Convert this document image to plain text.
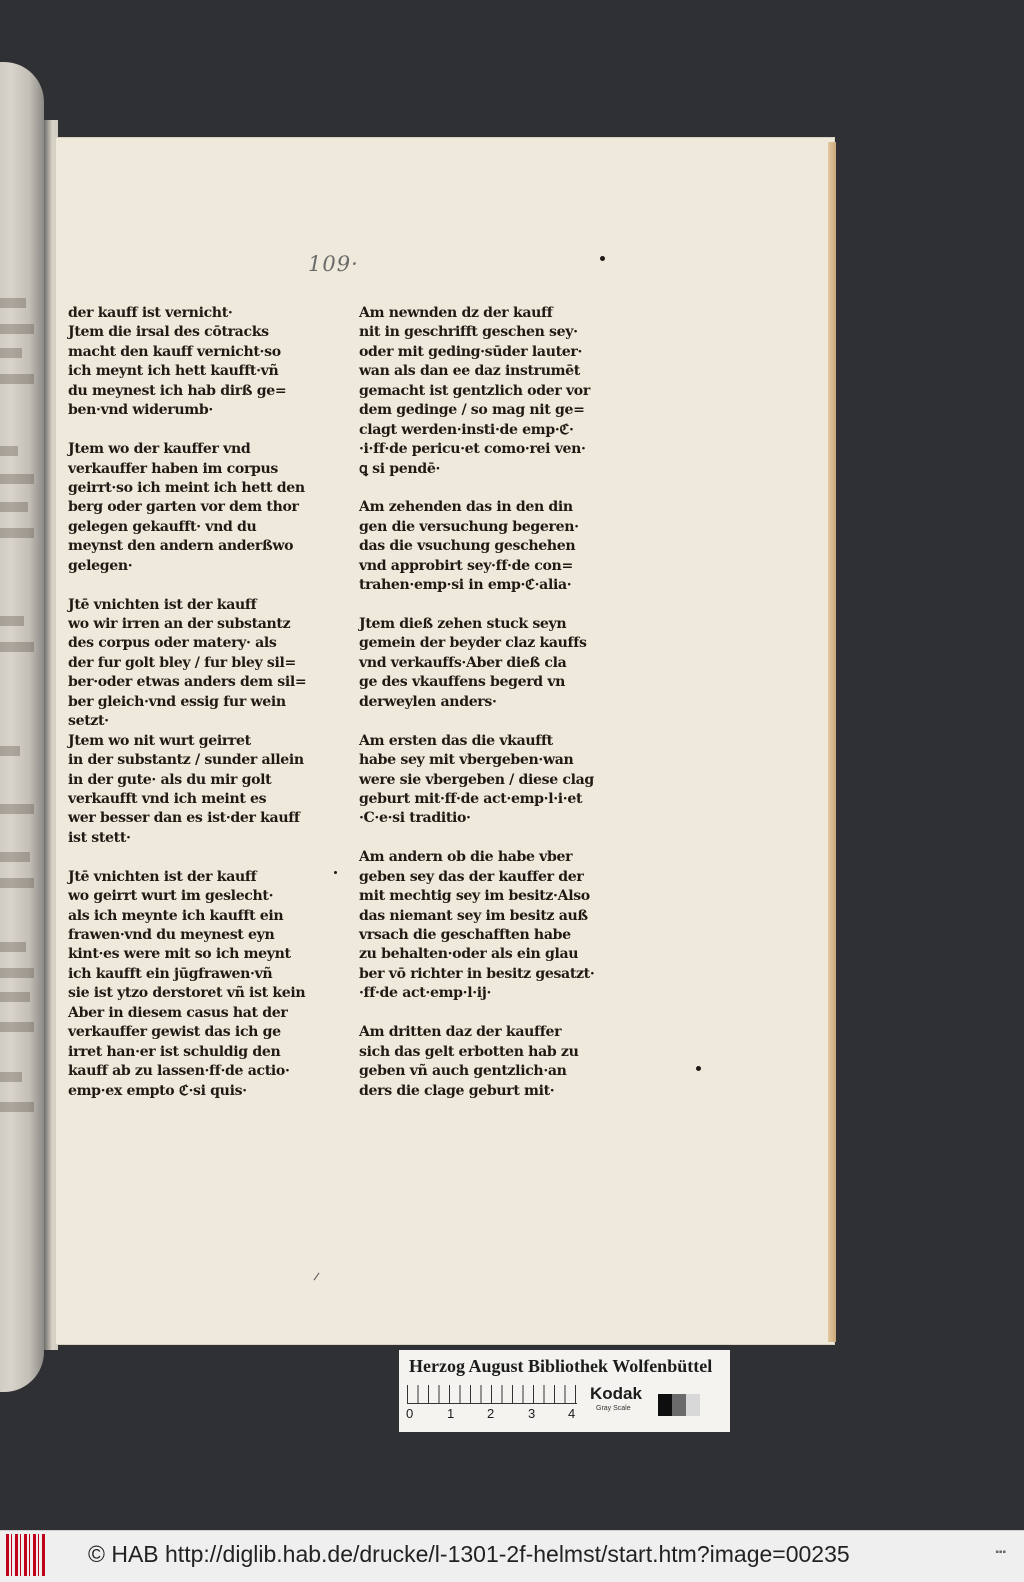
109·
der kauff ist vernicht·
Jtem die irsal des cōtracks
macht den kauff vernicht·so
ich meynt ich hett kaufft·vñ
du meynest ich hab dirß ge=
ben·vnd widerumb·
Jtem wo der kauffer vnd
verkauffer haben im corpus
geirrt·so ich meint ich hett den
berg oder garten vor dem thor
gelegen gekaufft· vnd du
meynst den andern anderßwo
gelegen·
Jtē vnichten ist der kauff
wo wir irren an der substantz
des corpus oder matery· als
der fur golt bley / fur bley sil=
ber·oder etwas anders dem sil=
ber gleich·vnd essig fur wein
setzt·
Jtem wo nit wurt geirret
in der substantz / sunder allein
in der gute· als du mir golt
verkaufft vnd ich meint es
wer besser dan es ist·der kauff
ist stett·
Jtē vnichten ist der kauff
wo geirrt wurt im geslecht·
als ich meynte ich kaufft ein
frawen·vnd du meynest eyn
kint·es were mit so ich meynt
ich kaufft ein jūgfrawen·vñ
sie ist ytzo derstoret vñ ist kein
Aber in diesem casus hat der
verkauffer gewist das ich ge
irret han·er ist schuldig den
kauff ab zu lassen·ff·de actio·
emp·ex empto ℭ·si quis·
Am newnden dz der kauff
nit in geschrifft geschen sey·
oder mit geding·sūder lauter·
wan als dan ee daz instrumēt
gemacht ist gentzlich oder vor
dem gedinge / so mag nit ge=
clagt werden·insti·de emp·ℭ·
·i·ff·de pericu·et como·rei ven·
ꝗ si pendē·
Am zehenden das in den din
gen die versuchung begeren·
das die vsuchung geschehen
vnd approbirt sey·ff·de con=
trahen·emp·si in emp·ℭ·alia·
Jtem dieß zehen stuck seyn
gemein der beyder claz kauffs
vnd verkauffs·Aber dieß cla
ge des vkauffens begerd vn
derweylen anders·
Am ersten das die vkaufft
habe sey mit vbergeben·wan
were sie vbergeben / diese clag
geburt mit·ff·de act·emp·l·i·et
·C·e·si traditio·
Am andern ob die habe vber
geben sey das der kauffer der
mit mechtig sey im besitz·Also
das niemant sey im besitz auß
vrsach die geschafften habe
zu behalten·oder als ein glau
ber vō richter in besitz gesatzt·
·ff·de act·emp·l·ij·
Am dritten daz der kauffer
sich das gelt erbotten hab zu
geben vñ auch gentzlich·an
ders die clage geburt mit·
Herzog August Bibliothek Wolfenbüttel
0	1	2	3	4
Kodak
Gray Scale
© HAB http://diglib.hab.de/drucke/l-1301-2f-helmst/start.htm?image=00235	▪▪▪
